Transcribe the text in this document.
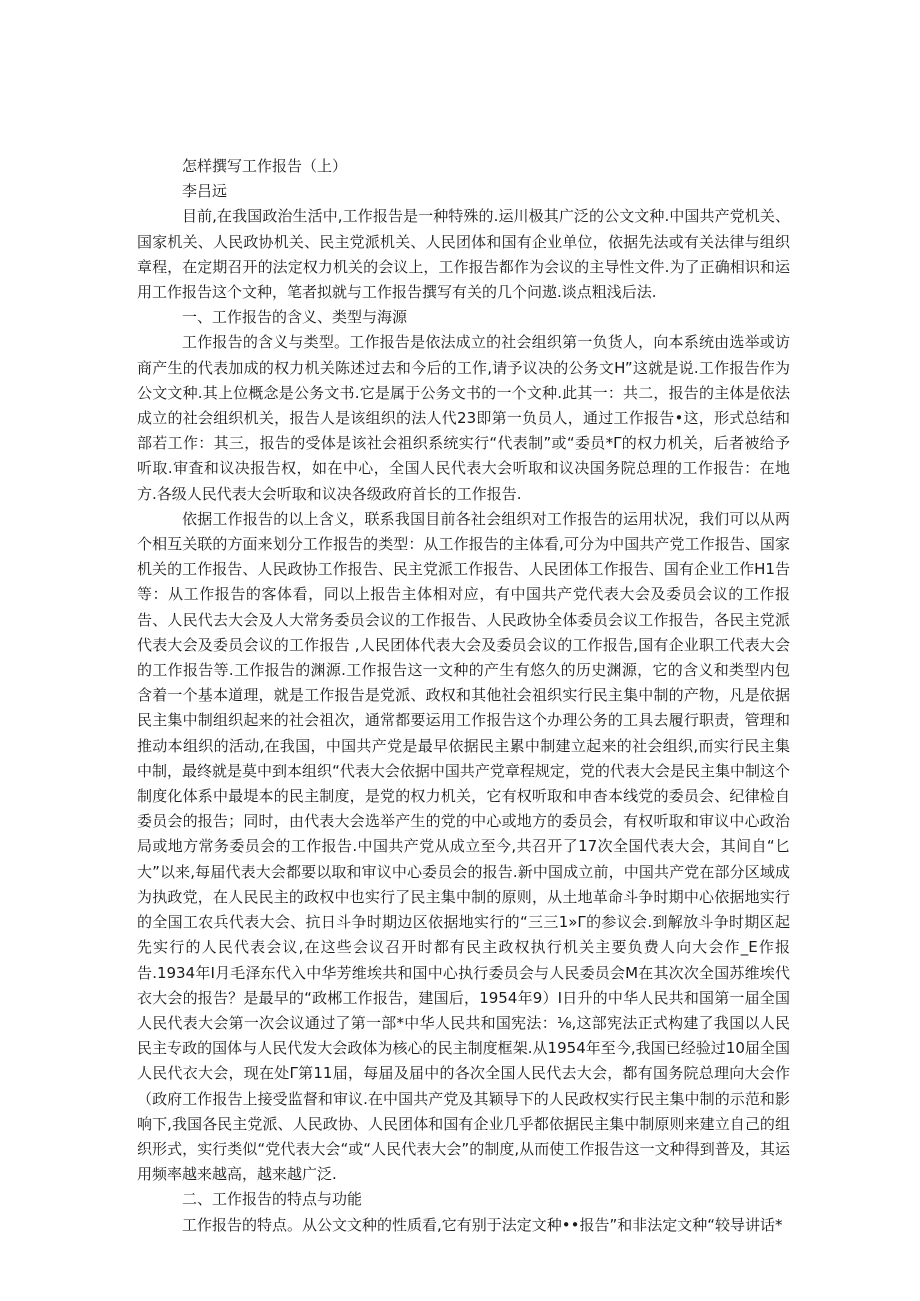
怎样撰写工作报告（上）
李吕远

目前,在我国政治生活中,工作报告是一种特殊的.运川极其广泛的公文文种.中国共产党机关、国家机关、人民政协机关、民主党派机关、人民团体和国有企业单位，依据先法或有关法律与组织章程，在定期召开的法定权力机关的会议上，工作报告都作为会议的主导性文件.为了正确相识和运用工作报告这个文种，笔者拟就与工作报告撰写有关的几个问遨.谈点粗浅后法.

一、工作报告的含义、类型与海源

工作报告的含义与类型。工作报告是依法成立的社会组织第一负货人，向本系统由选举或访商产生的代表加成的权力机关陈述过去和今后的工作,请予议决的公务文H”这就是说.工作报告作为公文文种.其上位概念是公务文书.它是属于公务文书的一个文种.此其一：共二，报告的主体是依法成立的社会组织机关，报告人是该组织的法人代23即第一负员人，通过工作报告•这，形式总结和部若工作：其三，报告的受体是该社会祖织系统实行“代表制”或“委员*Γ的权力机关，后者被给予听取.审査和议决报告权，如在中心，全国人民代表大会听取和议决国务院总理的工作报告：在地方.各级人民代表大会听取和议决各级政府首长的工作报告.

依据工作报告的以上含义，联系我国目前各社会组织对工作报告的运用状况，我们可以从两个相互关联的方面来划分工作报告的类型：从工作报告的主体看,可分为中国共产党工作报告、国家机关的工作报告、人民政协工作报告、民主党派工作报告、人民团体工作报告、国有企业工作H1告等：从工作报告的客体看，同以上报告主体相对应，有中国共产党代表大会及委员会议的工作报告、人民代去大会及人大常务委员会议的工作报告、人民政协全体委员会议工作报告，各民主党派代表大会及委员会议的工作报告 ,人民团体代表大会及委员会议的工作报告,国有企业职工代表大会的工作报告等.工作报告的渊源.工作报告这一文种的产生有悠久的历史渊源，它的含义和类型内包含着一个基本道理，就是工作报告是党派、政权和其他社会祖织实行民主集中制的产物，凡是依据民主集中制组织起来的社会祖次，通常都要运用工作报告这个办理公务的工具去履行职责，管理和推动本组织的活动,在我国，中国共产党是最早依据民主累中制建立起来的社会组织,而实行民主集中制，最终就是莫中到本组织“代表大会依据中国共产党章程规定，党的代表大会是民主集中制这个制度化体系中最堤本的民主制度，是党的权力机关，它有权听取和申杳本线党的委员会、纪律检自委员会的报告；同时，由代表大会选举产生的党的中心或地方的委员会，有权听取和审议中心政治局或地方常务委员会的工作报告.中国共产党从成立至今,共召开了17次全国代表大会，其间自“匕大”以来,每届代表大会都要以取和审议中心委员会的报告.新中国成立前，中国共产党在部分区域成为执政党，在人民民主的政权中也实行了民主集中制的原则，从土地革命斗争时期中心依据地实行的全国工农兵代表大会、抗日斗争时期边区依据地实行的“三三1»Γ的参议会.到解放斗争时期区起先实行的人民代表会议,在这些会议召开时都有民主政权执行机关主要负费人向大会作_E作报告.1934年Ι月毛泽东代入中华芳维埃共和国中心执行委员会与人民委员会M在其次次全国苏维埃代衣大会的报告？是最早的“政郴工作报告，建国后，1954年9）Ι日升的中华人民共和国第一届全国人民代表大会第一次会议通过了第一部*中华人民共和国宪法：⅛,这部宪法正式构建了我国以人民民主专政的国体与人民代发大会政体为核心的民主制度框架.从1954年至今,我国已经验过10届全国人民代衣大会，现在处Γ第11届，每届及届中的各次全国人民代去大会，都有国务院总理向大会作（政府工作报告上接受监督和审议.在中国共产党及其颖导下的人民政权实行民主集中制的示范和影响下,我国各民主党派、人民政协、人民团体和国有企业几乎都依据民主集中制原则来建立自己的组织形式，实行类似“党代表大会“或“人民代表大会”的制度,从而使工作报告这一文种得到普及，其运用频率越来越高，越来越广泛.

二、工作报告的特点与功能

工作报告的特点。从公文文种的性质看,它有别于法定文种••报告”和非法定文种“较导讲话*
